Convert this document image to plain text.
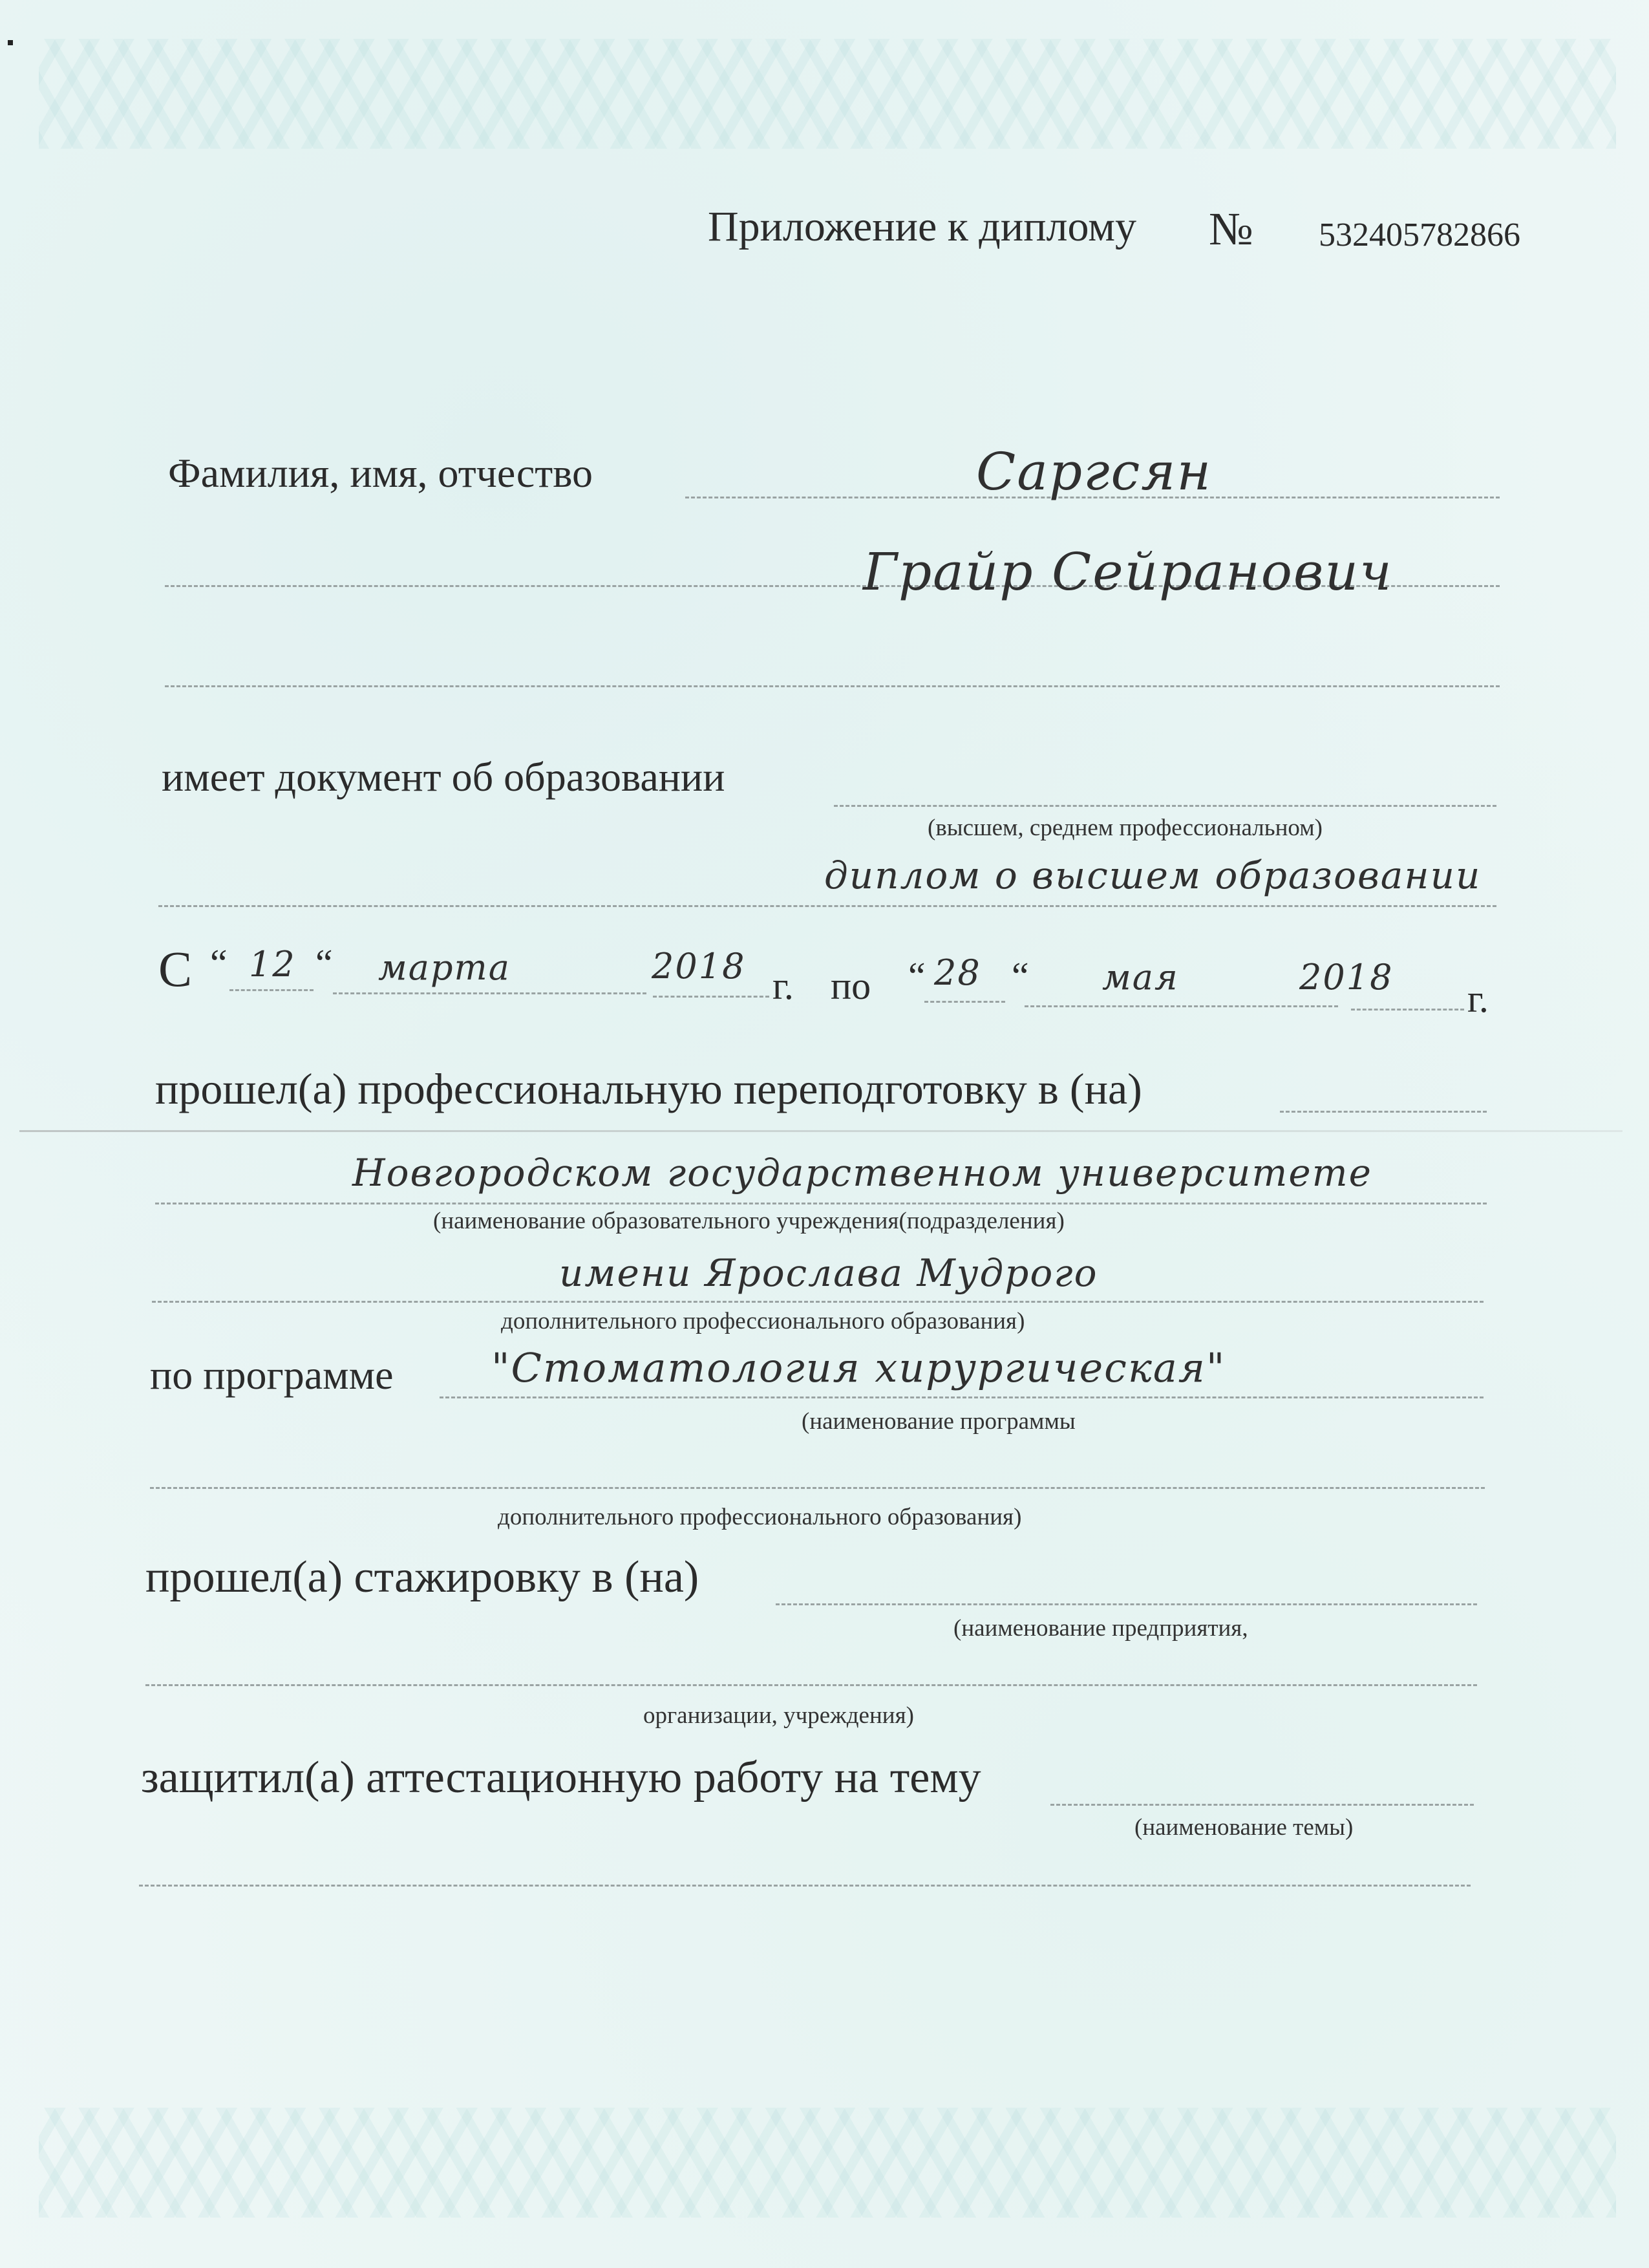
Приложение к диплому № 532405782866
Фамилия, имя, отчество	Саргсян
Грайр Сейранович
имеет документ об образовании
(высшем, среднем профессиональном)
диплом о высшем образовании
С “ 12 “ марта	2018 г. по “ 28 “ мая	2018
г.
прошел(а) профессиональную переподготовку в (на)
Новгородском государственном университете
(наименование образовательного учреждения(подразделения)
имени Ярослава Мудрого
дополнительного профессионального образования)
по программе "Стоматология хирургическая"
(наименование программы
дополнительного профессионального образования)
прошел(а) стажировку в (на)
(наименование предприятия,
организации, учреждения)
защитил(а) аттестационную работу на тему
(наименование темы)
